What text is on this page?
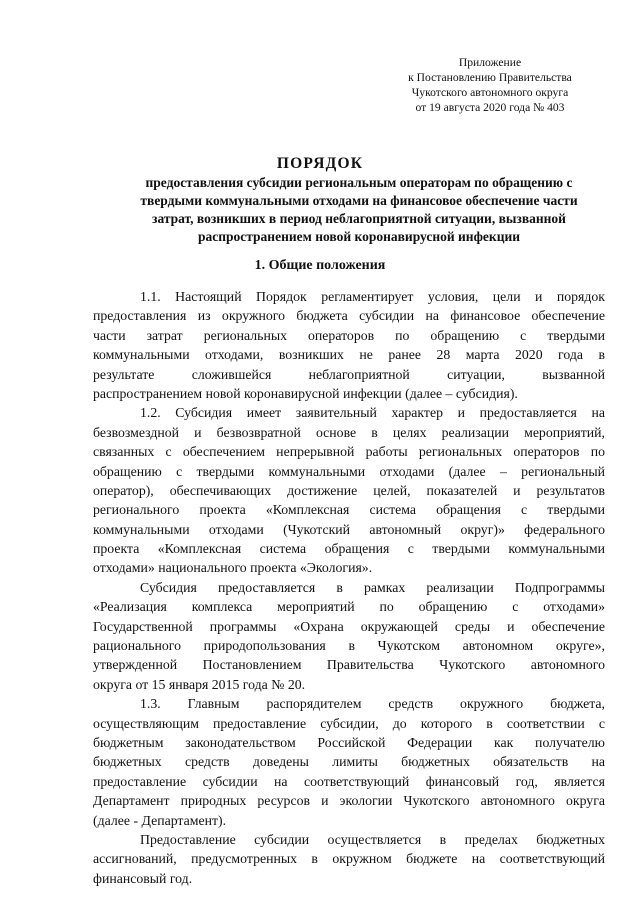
Приложение
к Постановлению Правительства
Чукотского автономного округа
от 19 августа 2020 года № 403
ПОРЯДОК
предоставления субсидии региональным операторам по обращению с
твердыми коммунальными отходами на финансовое обеспечение части
затрат, возникших в период неблагоприятной ситуации, вызванной
распространением новой коронавирусной инфекции
1. Общие положения
1.1. Настоящий Порядок регламентирует условия, цели и порядок
предоставления из окружного бюджета субсидии на финансовое обеспечение
части затрат региональных операторов по обращению с твердыми
коммунальными отходами, возникших не ранее 28 марта 2020 года в
результате сложившейся неблагоприятной ситуации, вызванной
распространением новой коронавирусной инфекции (далее – субсидия).
1.2. Субсидия имеет заявительный характер и предоставляется на
безвозмездной и безвозвратной основе в целях реализации мероприятий,
связанных с обеспечением непрерывной работы региональных операторов по
обращению с твердыми коммунальными отходами (далее – региональный
оператор), обеспечивающих достижение целей, показателей и результатов
регионального проекта «Комплексная система обращения с твердыми
коммунальными отходами (Чукотский автономный округ)» федерального
проекта «Комплексная система обращения с твердыми коммунальными
отходами» национального проекта «Экология».
Субсидия предоставляется в рамках реализации Подпрограммы
«Реализация комплекса мероприятий по обращению с отходами»
Государственной программы «Охрана окружающей среды и обеспечение
рационального природопользования в Чукотском автономном округе»,
утвержденной Постановлением Правительства Чукотского автономного
округа от 15 января 2015 года № 20.
1.3. Главным распорядителем средств окружного бюджета,
осуществляющим предоставление субсидии, до которого в соответствии с
бюджетным законодательством Российской Федерации как получателю
бюджетных средств доведены лимиты бюджетных обязательств на
предоставление субсидии на соответствующий финансовый год, является
Департамент природных ресурсов и экологии Чукотского автономного округа
(далее - Департамент).
Предоставление субсидии осуществляется в пределах бюджетных
ассигнований, предусмотренных в окружном бюджете на соответствующий
финансовый год.
